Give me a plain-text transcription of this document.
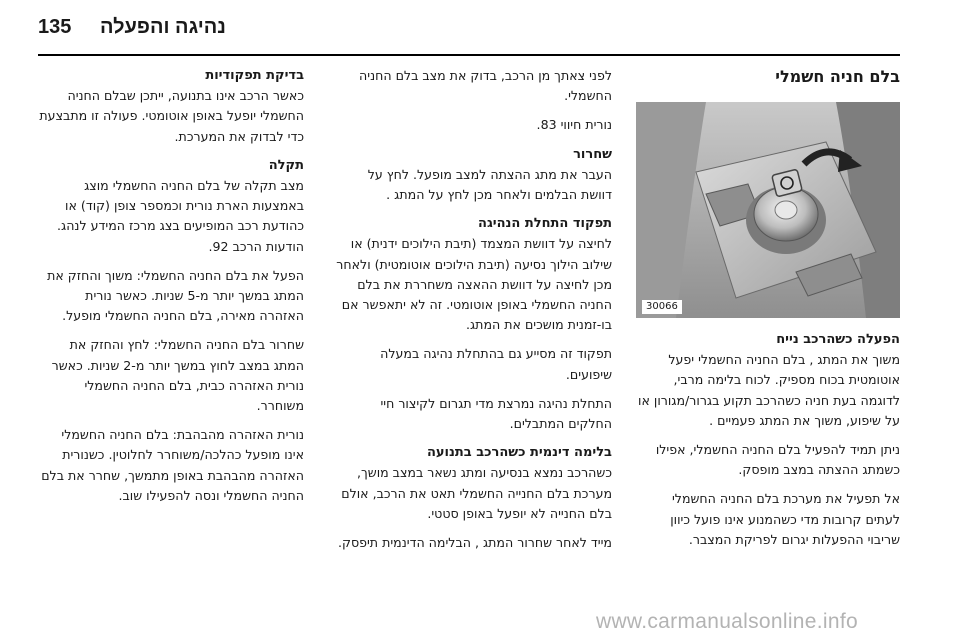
135 נהיגה והפעלה
בלם חניה חשמלי
30066
הפעלה כשהרכב נייח

משוך את המתג , בלם החניה החשמלי יפעל אוטומטית בכוח מספיק. לכוח בלימה מרבי, לדוגמה בעת חניה כשהרכב תקוע בגרור/מגורון או על שיפוע, משוך את המתג פעמיים .

ניתן תמיד להפעיל בלם החניה החשמלי, אפילו כשמתג ההצתה במצב מופסק.

אל תפעיל את מערכת בלם החניה החשמלי לעתים קרובות מדי כשהמנוע אינו פועל כיוון שריבוי ההפעלות יגרום לפריקת המצבר.

לפני צאתך מן הרכב, בדוק את מצב בלם החניה החשמלי.

נורית חיווי 83.

שחרור

העבר את מתג ההצתה למצב מופעל. לחץ על דוושת הבלמים ולאחר מכן לחץ על המתג .

תפקוד התחלת הנהיגה

לחיצה על דוושת המצמד (תיבת הילוכים ידנית) או שילוב הילוך נסיעה (תיבת הילוכים אוטומטית) ולאחר מכן לחיצה על דוושת ההאצה משחררת את בלם החניה החשמלי באופן אוטומטי. זה לא יתאפשר אם בו-זמנית מושכים את המתג.

תפקוד זה מסייע גם בהתחלת נהיגה במעלה שיפועים.

התחלת נהיגה נמרצת מדי תגרום לקיצור חיי החלקים המתבלים.

בלימה דינמית כשהרכב בתנועה

כשהרכב נמצא בנסיעה ומתג נשאר במצב מושך, מערכת בלם החנייה החשמלי תאט את הרכב, אולם בלם החנייה לא יופעל באופן סטטי.

מייד לאחר שחרור המתג , הבלימה הדינמית תיפסק.

בדיקת תפקודיות

כאשר הרכב אינו בתנועה, ייתכן שבלם החניה החשמלי יופעל באופן אוטומטי. פעולה זו מתבצעת כדי לבדוק את המערכת.

תקלה

מצב תקלה של בלם החניה החשמלי מוצג באמצעות הארת נורית וכמספר צופן (קוד) או כהודעת רכב המופיעים בצג מרכז המידע לנהג. הודעות הרכב 92.

הפעל את בלם החניה החשמלי: משוך והחזק את המתג במשך יותר מ-5 שניות. כאשר נורית האזהרה מאירה, בלם החניה החשמלי מופעל.

שחרור בלם החניה החשמלי: לחץ והחזק את המתג במצב לחוץ במשך יותר מ-2 שניות. כאשר נורית האזהרה כבית, בלם החניה החשמלי משוחרר.

נורית האזהרה מהבהבת: בלם החניה החשמלי אינו מופעל כהלכה/משוחרר לחלוטין. כשנורית האזהרה מהבהבת באופן מתמשך, שחרר את בלם החניה החשמלי ונסה להפעילו שוב.

www.carmanualsonline.info
